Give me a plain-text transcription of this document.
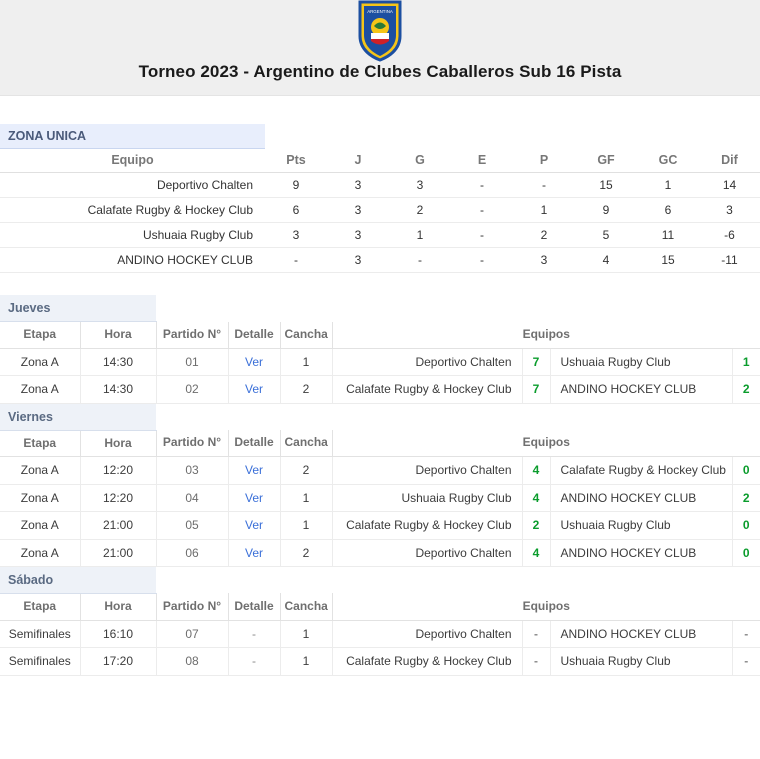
ARGENTINA
Torneo 2023 - Argentino de Clubes Caballeros Sub 16 Pista
ZONA UNICA								
Equipo	Pts	J	G	E	P	GF	GC	Dif
Deportivo Chalten	9	3	3	-	-	15	1	14
Calafate Rugby & Hockey Club	6	3	2	-	1	9	6	3
Ushuaia Rugby Club	3	3	1	-	2	5	11	-6
ANDINO HOCKEY CLUB	-	3	-	-	3	4	15	-11
Jueves								
Etapa	Hora	Partido N°	Detalle	Cancha	Equipos			
Zona A	14:30	01	Ver	1	Deportivo Chalten	7	Ushuaia Rugby Club	1
Zona A	14:30	02	Ver	2	Calafate Rugby & Hockey Club	7	ANDINO HOCKEY CLUB	2
Viernes								
Etapa	Hora	Partido N°	Detalle	Cancha	Equipos			
Zona A	12:20	03	Ver	2	Deportivo Chalten	4	Calafate Rugby & Hockey Club	0
Zona A	12:20	04	Ver	1	Ushuaia Rugby Club	4	ANDINO HOCKEY CLUB	2
Zona A	21:00	05	Ver	1	Calafate Rugby & Hockey Club	2	Ushuaia Rugby Club	0
Zona A	21:00	06	Ver	2	Deportivo Chalten	4	ANDINO HOCKEY CLUB	0
Sábado								
Etapa	Hora	Partido N°	Detalle	Cancha	Equipos			
Semifinales	16:10	07	-	1	Deportivo Chalten	-	ANDINO HOCKEY CLUB	-
Semifinales	17:20	08	-	1	Calafate Rugby & Hockey Club	-	Ushuaia Rugby Club	-
